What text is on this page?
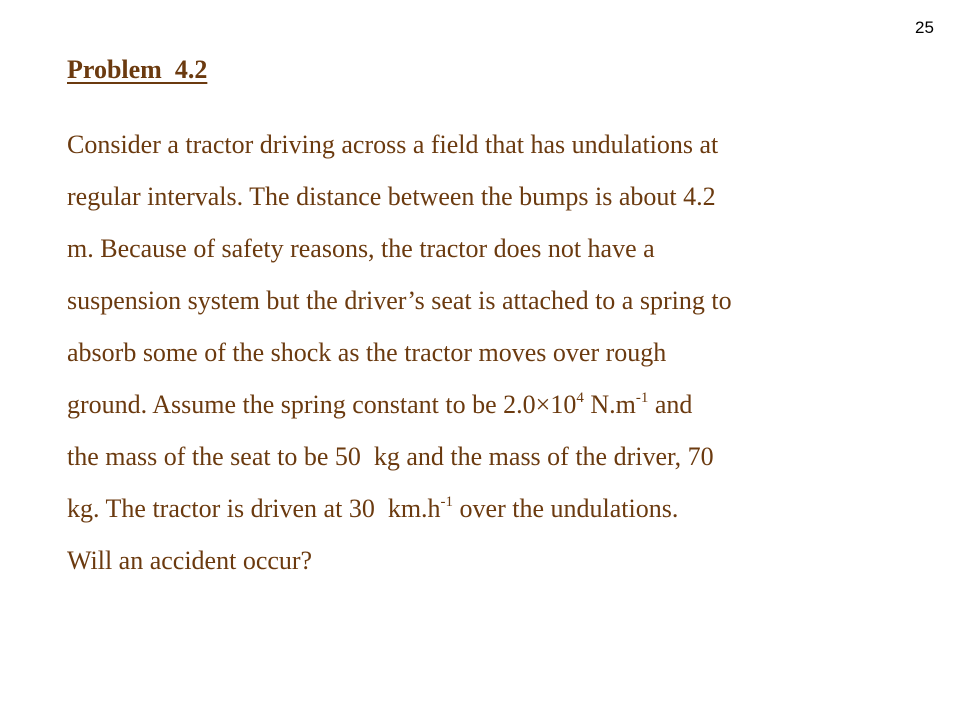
25
Problem  4.2
Consider a tractor driving across a field that has undulations at
regular intervals. The distance between the bumps is about 4.2
m. Because of safety reasons, the tractor does not have a
suspension system but the driver’s seat is attached to a spring to
absorb some of the shock as the tractor moves over rough
ground. Assume the spring constant to be $2.0\times 10^4$ $N.m^{-1}$ and
the mass of the seat to be 50  kg and the mass of the driver, 70
kg. The tractor is driven at 30  $km.h^{-1}$ over the undulations.
Will an accident occur?
